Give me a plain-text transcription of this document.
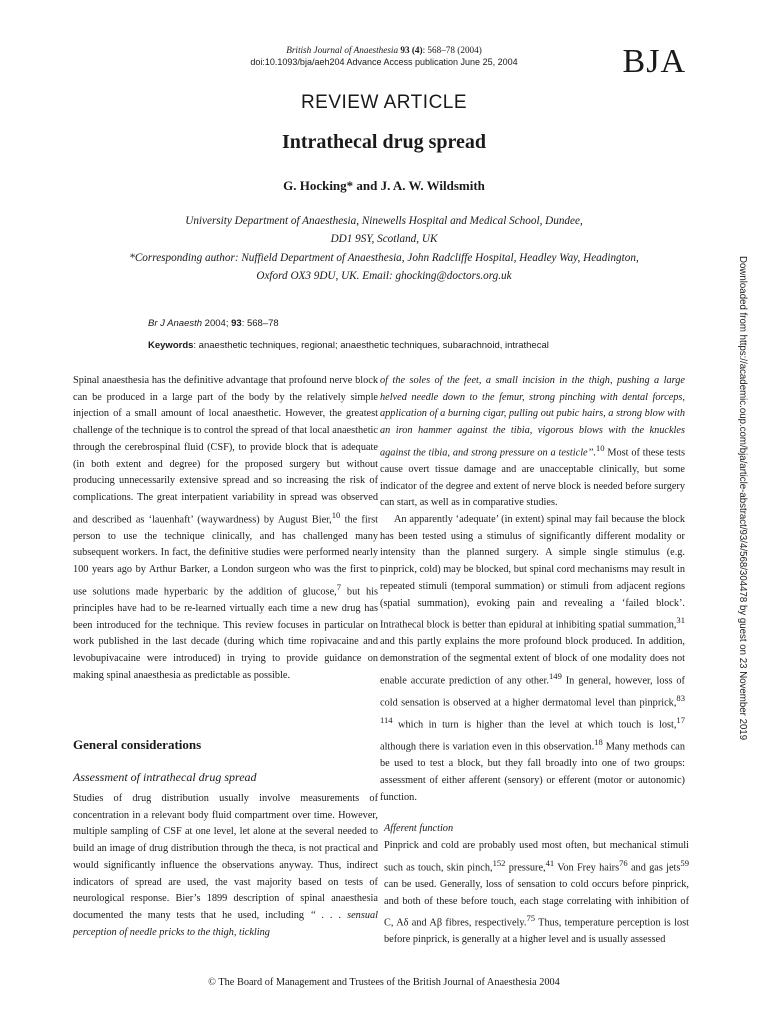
British Journal of Anaesthesia 93 (4): 568–78 (2004)
doi:10.1093/bja/aeh204 Advance Access publication June 25, 2004	BJA
REVIEW ARTICLE
Intrathecal drug spread
G. Hocking* and J. A. W. Wildsmith
University Department of Anaesthesia, Ninewells Hospital and Medical School, Dundee,
DD1 9SY, Scotland, UK
*Corresponding author: Nuffield Department of Anaesthesia, John Radcliffe Hospital, Headley Way, Headington,
Oxford OX3 9DU, UK. Email: ghocking@doctors.org.uk
Br J Anaesth 2004; 93: 568–78
Keywords: anaesthetic techniques, regional; anaesthetic techniques, subarachnoid, intrathecal

Spinal anaesthesia has the definitive advantage that profound nerve block can be produced in a large part of the body by the relatively simple injection of a small amount of local anaesthetic. However, the greatest challenge of the technique is to control the spread of that local anaesthetic through the cerebrospinal fluid (CSF), to provide block that is adequate (in both extent and degree) for the proposed surgery but without producing unnecessarily extensive spread and so increasing the risk of complications. The great interpatient variability in spread was observed and described as ‘lauenhaft’ (waywardness) by August Bier,$^{10}$ the first person to use the technique clinically, and has challenged many subsequent workers. In fact, the definitive studies were performed nearly 100 years ago by Arthur Barker, a London surgeon who was the first to use solutions made hyperbaric by the addition of glucose,$^7$ but his principles have had to be re-learned virtually each time a new drug has been introduced for the technique. This review focuses in particular on work published in the last decade (during which time ropivacaine and levobupivacaine were introduced) in trying to provide guidance on making spinal anaesthesia as predictable as possible.

General considerations
Assessment of intrathecal drug spread

Studies of drug distribution usually involve measurements of concentration in a relevant body fluid compartment over time. However, multiple sampling of CSF at one level, let alone at the several needed to build an image of drug distribution through the theca, is not practical and would significantly influence the observations anyway. Thus, indirect indicators of spread are used, the vast majority based on tests of neurological response. Bier’s 1899 description of spinal anaesthesia documented the many tests that he used, including ‘‘ . . . sensual perception of needle pricks to the thigh, tickling

of the soles of the feet, a small incision in the thigh, pushing a large helved needle down to the femur, strong pinching with dental forceps, application of a burning cigar, pulling out pubic hairs, a strong blow with an iron hammer against the tibia, vigorous blows with the knuckles against the tibia, and strong pressure on a testicle’’.$^{10}$ Most of these tests cause overt tissue damage and are unacceptable clinically, but some indicator of the degree and extent of nerve block is needed before surgery can start, as well as in comparative studies.

An apparently ‘adequate’ (in extent) spinal may fail because the block has been tested using a stimulus of significantly different modality or intensity than the planned surgery. A simple single stimulus (e.g. pinprick, cold) may be blocked, but spinal cord mechanisms may result in repeated stimuli (temporal summation) or stimuli from adjacent regions (spatial summation), evoking pain and revealing a ‘failed block’. Intrathecal block is better than epidural at inhibiting spatial summation,$^{31}$ and this partly explains the more profound block produced. In addition, demonstration of the segmental extent of block of one modality does not enable accurate prediction of any other.$^{149}$ In general, however, loss of cold sensation is observed at a higher dermatomal level than pinprick,$^{83 114}$ which in turn is higher than the level at which touch is lost,$^{17}$ although there is variation even in this observation.$^{18}$ Many methods can be used to test a block, but they fall broadly into one of two groups: assessment of either afferent (sensory) or efferent (motor or autonomic) function.

Afferent function

Pinprick and cold are probably used most often, but mechanical stimuli such as touch, skin pinch,$^{152}$ pressure,$^{41}$ Von Frey hairs$^{76}$ and gas jets$^{59}$ can be used. Generally, loss of sensation to cold occurs before pinprick, and both of these before touch, each stage correlating with inhibition of C, Aδ and Aβ fibres, respectively.$^{75}$ Thus, temperature perception is lost before pinprick, is generally at a higher level and is usually assessed

© The Board of Management and Trustees of the British Journal of Anaesthesia 2004
Downloaded from https://academic.oup.com/bja/article-abstract/93/4/568/304478 by guest on 23 November 2019
